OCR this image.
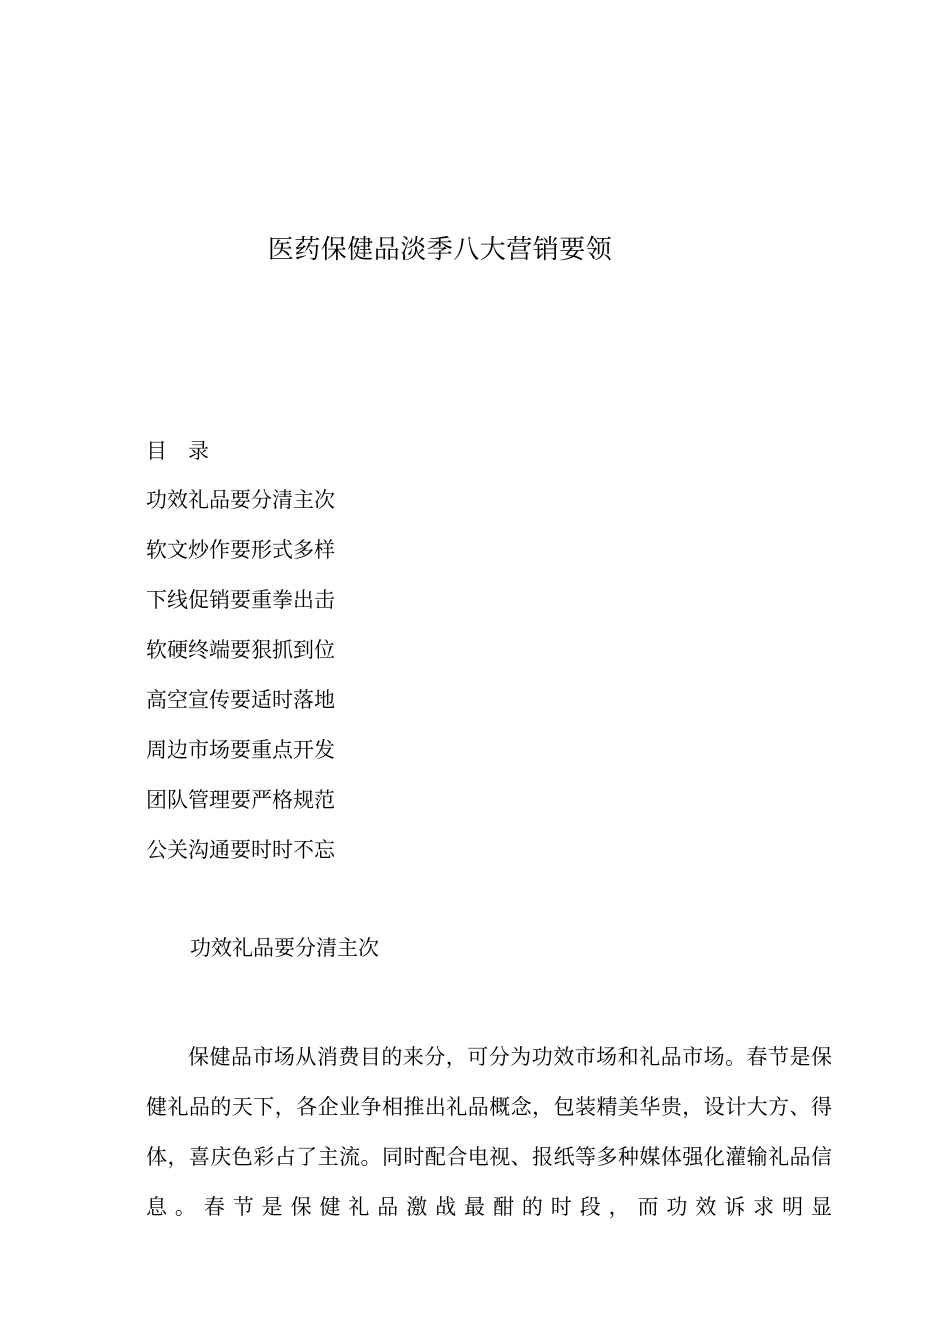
医药保健品淡季八大营销要领
目　录
功效礼品要分清主次
软文炒作要形式多样
下线促销要重拳出击
软硬终端要狠抓到位
高空宣传要适时落地
周边市场要重点开发
团队管理要严格规范
公关沟通要时时不忘
功效礼品要分清主次

保健品市场从消费目的来分，可分为功效市场和礼品市场。春节是保健礼品的天下，各企业争相推出礼品概念，包装精美华贵，设计大方、得体，喜庆色彩占了主流。同时配合电视、报纸等多种媒体强化灌输礼品信息。春节是保健礼品激战最酣的时段，而功效诉求明显
